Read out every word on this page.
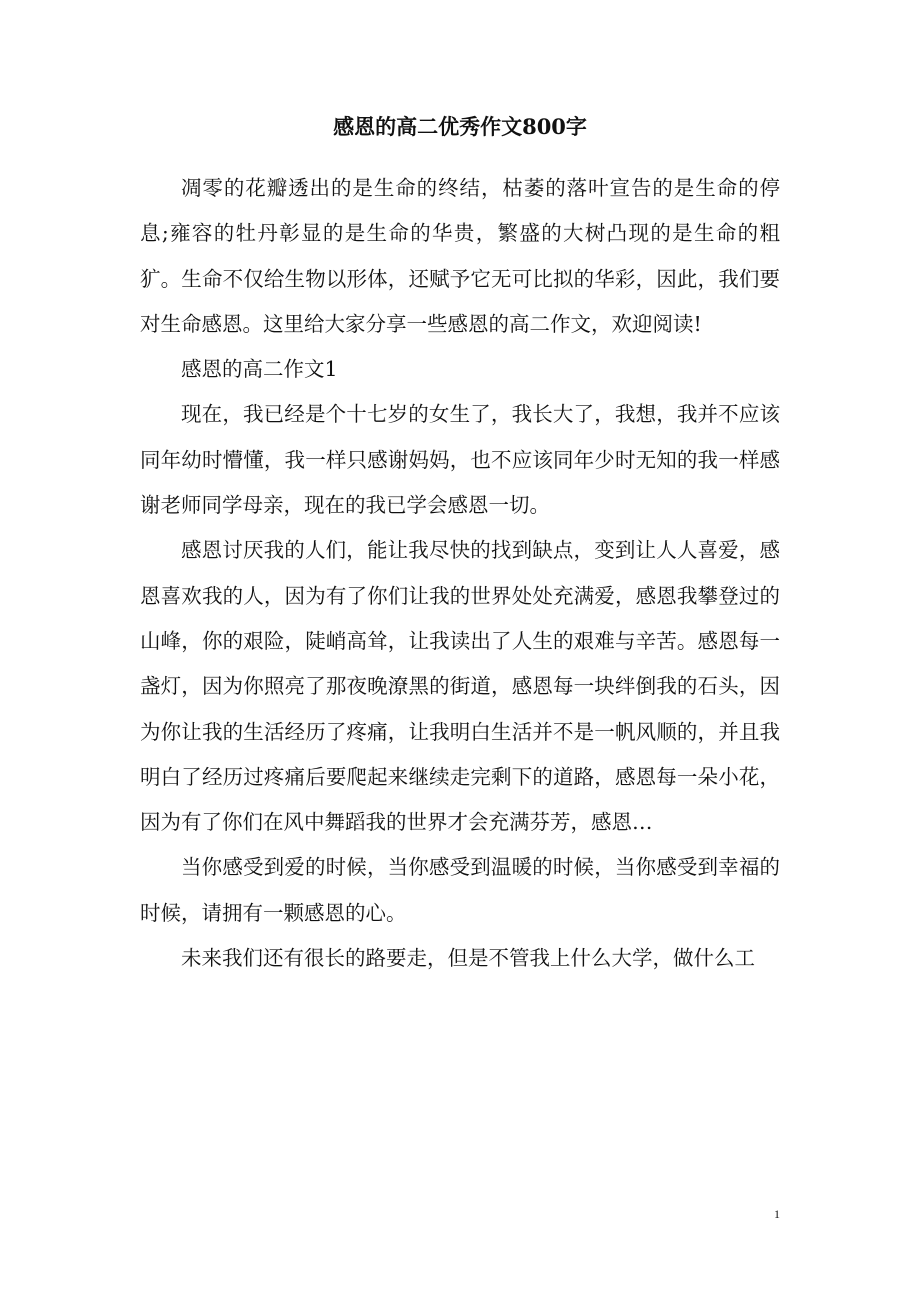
感恩的高二优秀作文800字

凋零的花瓣透出的是生命的终结，枯萎的落叶宣告的是生命的停息;雍容的牡丹彰显的是生命的华贵，繁盛的大树凸现的是生命的粗犷。生命不仅给生物以形体，还赋予它无可比拟的华彩，因此，我们要对生命感恩。这里给大家分享一些感恩的高二作文，欢迎阅读!

感恩的高二作文1

现在，我已经是个十七岁的女生了，我长大了，我想，我并不应该同年幼时懵懂，我一样只感谢妈妈，也不应该同年少时无知的我一样感谢老师同学母亲，现在的我已学会感恩一切。

感恩讨厌我的人们，能让我尽快的找到缺点，变到让人人喜爱，感恩喜欢我的人，因为有了你们让我的世界处处充满爱，感恩我攀登过的山峰，你的艰险，陡峭高耸，让我读出了人生的艰难与辛苦。感恩每一盏灯，因为你照亮了那夜晚潦黑的街道，感恩每一块绊倒我的石头，因为你让我的生活经历了疼痛，让我明白生活并不是一帆风顺的，并且我明白了经历过疼痛后要爬起来继续走完剩下的道路，感恩每一朵小花，因为有了你们在风中舞蹈我的世界才会充满芬芳，感恩…

当你感受到爱的时候，当你感受到温暖的时候，当你感受到幸福的时候，请拥有一颗感恩的心。

未来我们还有很长的路要走，但是不管我上什么大学，做什么工

1
